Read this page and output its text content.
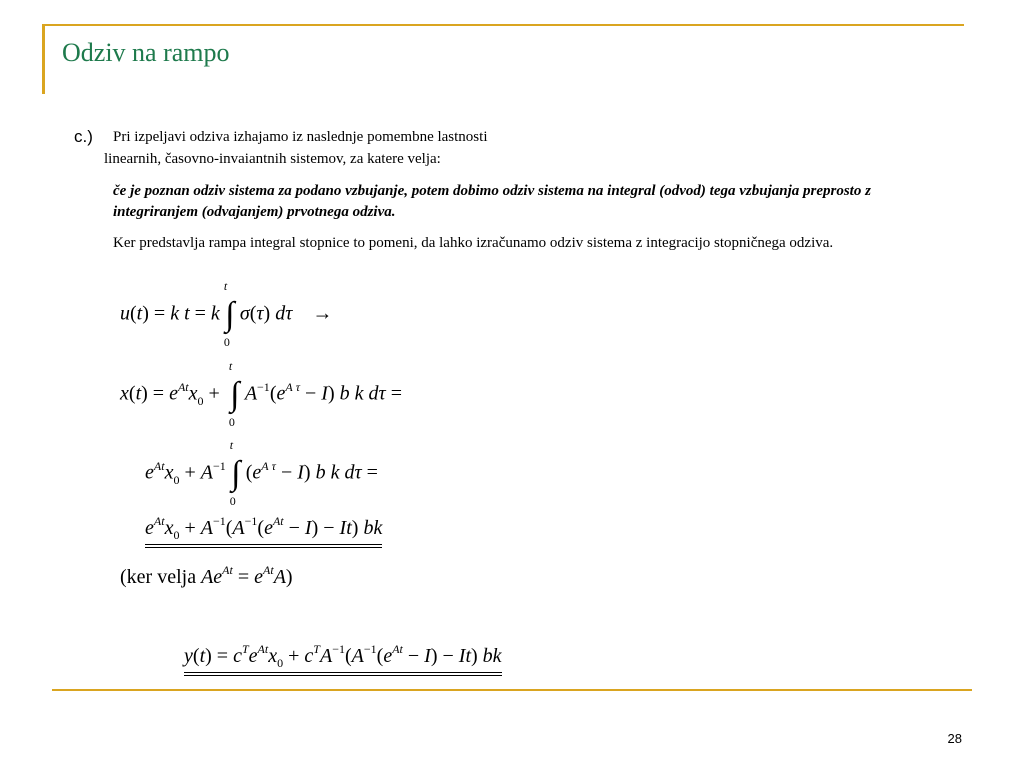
Odziv na rampo
c.) Pri izpeljavi odziva izhajamo iz naslednje pomembne lastnosti
linearnih, časovno-invaiantnih sistemov, za katere velja:
če je poznan odziv sistema za podano vzbujanje, potem dobimo odziv sistema na integral (odvod) tega vzbujanja preprosto z integriranjem (odvajanjem) prvotnega odziva.
Ker predstavlja rampa integral stopnice to pomeni, da lahko izračunamo odziv sistema z integracijo stopničnega odziva.
u(t) = k t = k
t
∫
0
σ(τ) dτ    →
$x(t) = e^{At}x_0$ +
t
∫
0
$A^{-1}(e^{A \tau} - I)$ b k dτ =
$e^{At}x_0 + A^{-1}$
t
∫
0
$(e^{A \tau} - I)$ b k dτ =
$e^{At}x_0 + A^{-1}(A^{-1}(e^{At} - I) - It)$ bk
(ker velja $Ae^{At} = e^{At}A$)
$y(t) = c^Te^{At}x_0 + c^TA^{-1}(A^{-1}(e^{At} - I) - It)$ bk
28
